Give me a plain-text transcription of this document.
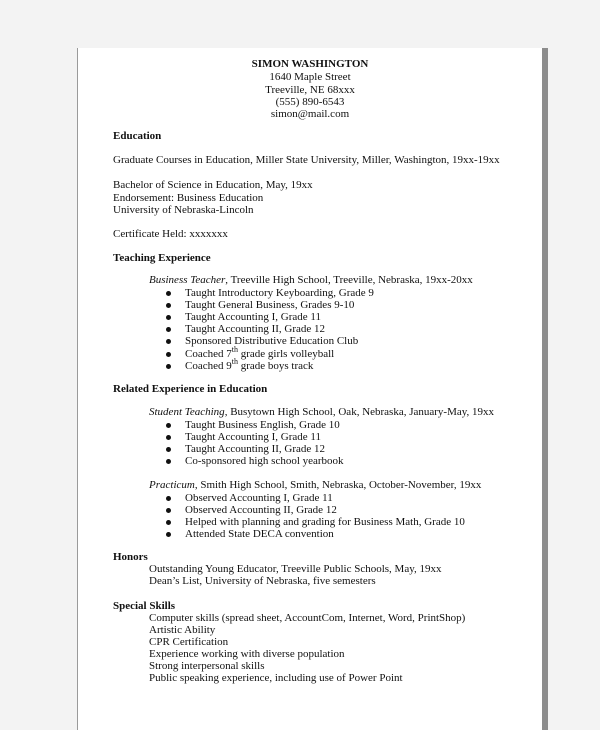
SIMON WASHINGTON
1640 Maple Street
Treeville, NE 68xxx
(555) 890-6543
simon@mail.com
Education
Graduate Courses in Education, Miller State University, Miller, Washington, 19xx-19xx
Bachelor of Science in Education, May, 19xx
Endorsement: Business Education
University of Nebraska-Lincoln
Certificate Held: xxxxxxx
Teaching Experience
Business Teacher, Treeville High School, Treeville, Nebraska, 19xx-20xx
Taught Introductory Keyboarding, Grade 9
Taught General Business, Grades 9-10
Taught Accounting I, Grade 11
Taught Accounting II, Grade 12
Sponsored Distributive Education Club
Coached 7th grade girls volleyball
Coached 9th grade boys track
Related Experience in Education
Student Teaching, Busytown High School, Oak, Nebraska, January-May, 19xx
Taught Business English, Grade 10
Taught Accounting I, Grade 11
Taught Accounting II, Grade 12
Co-sponsored high school yearbook
Practicum, Smith High School, Smith, Nebraska, October-November, 19xx
Observed Accounting I, Grade 11
Observed Accounting II, Grade 12
Helped with planning and grading for Business Math, Grade 10
Attended State DECA convention
Honors
Outstanding Young Educator, Treeville Public Schools, May, 19xx
Dean’s List, University of Nebraska, five semesters
Special Skills
Computer skills (spread sheet, AccountCom, Internet, Word, PrintShop)
Artistic Ability
CPR Certification
Experience working with diverse population
Strong interpersonal skills
Public speaking experience, including use of Power Point
